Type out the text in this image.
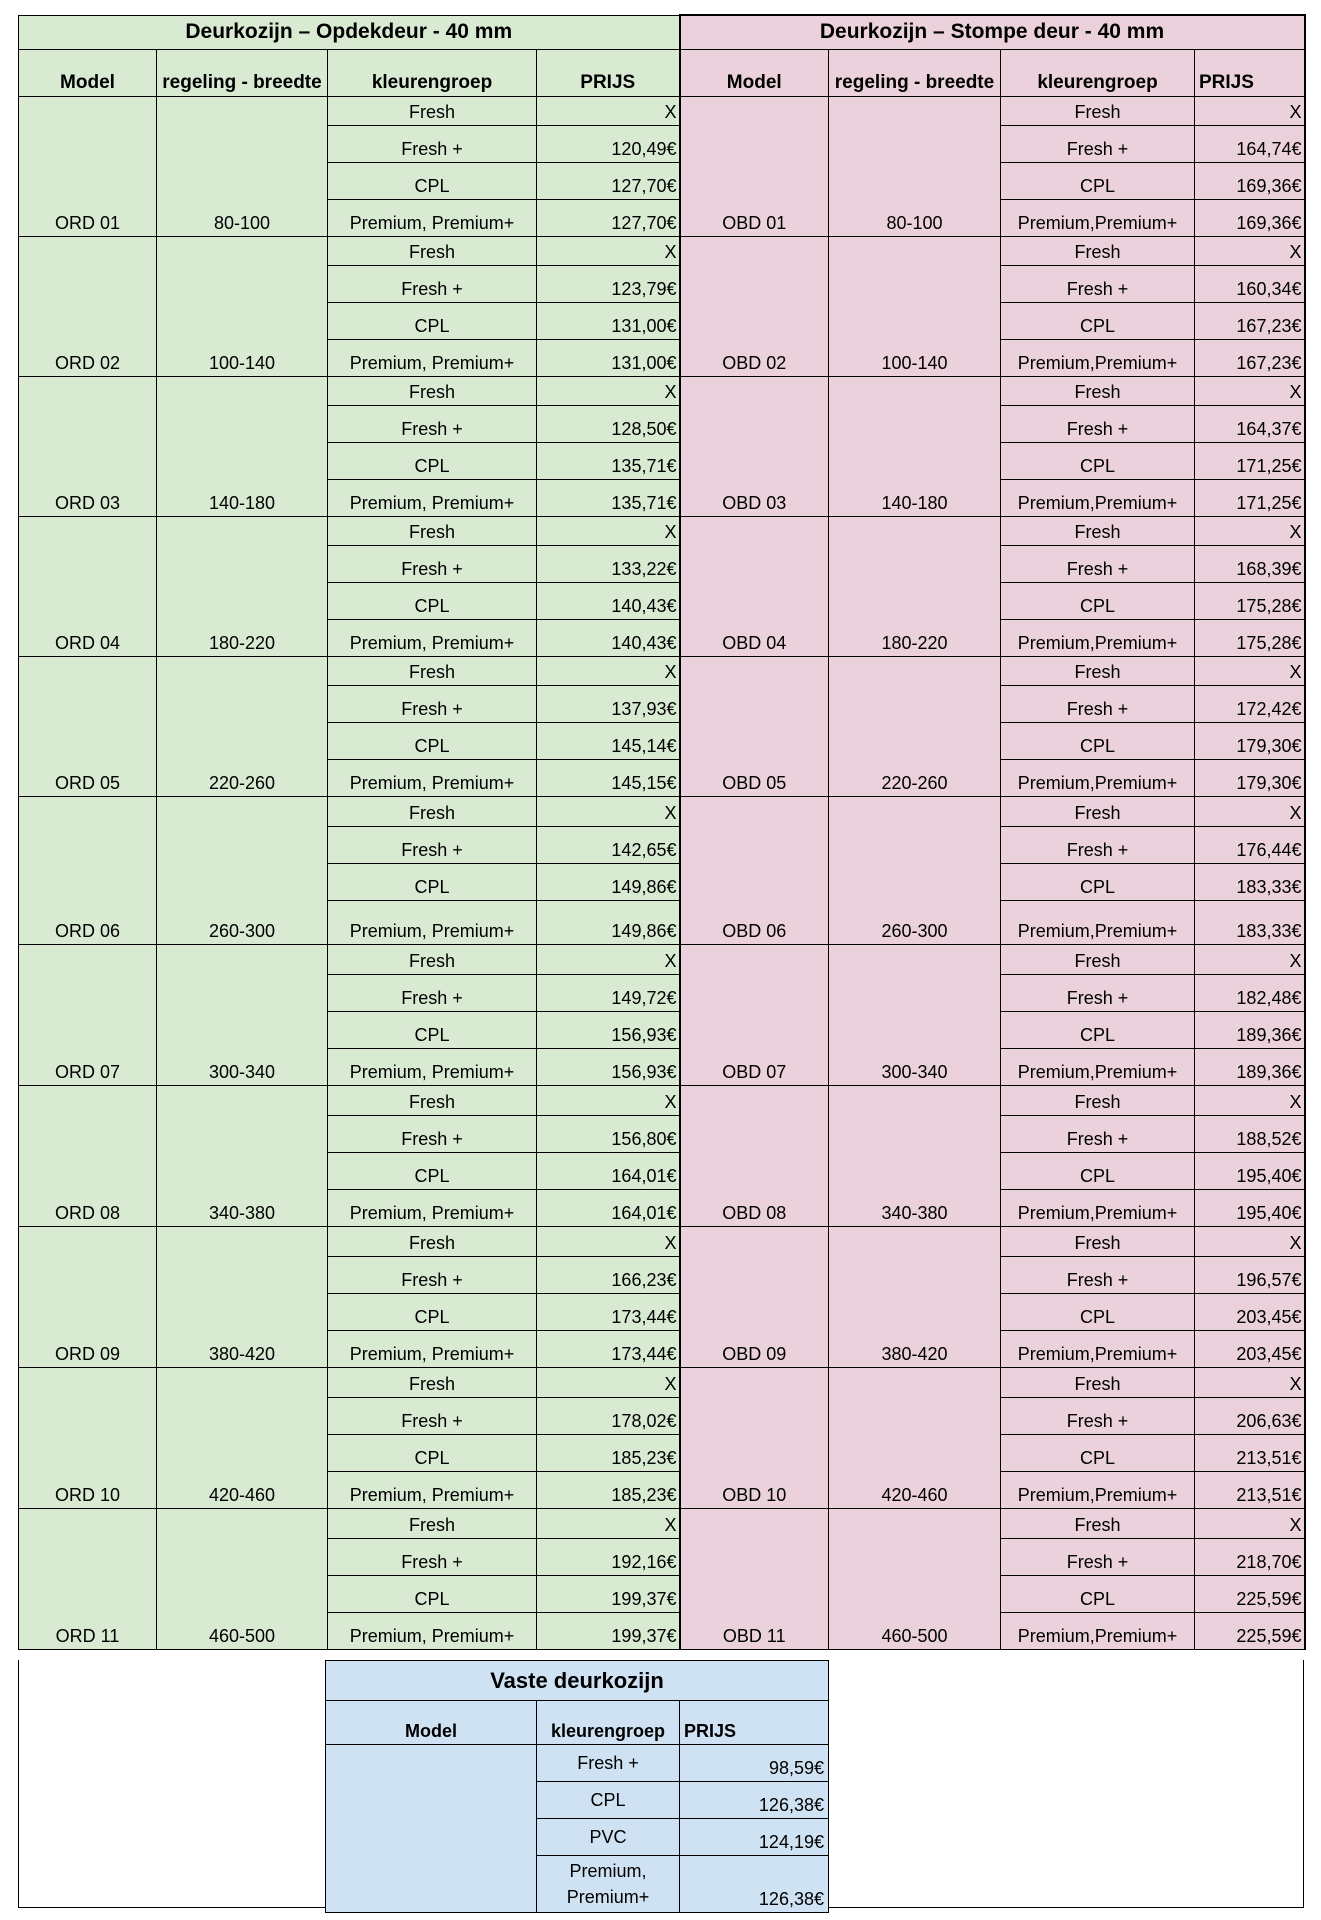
Deurkozijn – Opdekdeur - 40 mm				Deurkozijn – Stompe deur - 40 mm			
Model	regeling - breedte	kleurengroep	PRIJS	Model	regeling - breedte	kleurengroep	PRIJS
ORD 01	80-100	Fresh	X	OBD 01	80-100	Fresh	X
		Fresh +	120,49€			Fresh +	164,74€
		CPL	127,70€			CPL	169,36€
		Premium, Premium+	127,70€			Premium,Premium+	169,36€
ORD 02	100-140	Fresh	X	OBD 02	100-140	Fresh	X
		Fresh +	123,79€			Fresh +	160,34€
		CPL	131,00€			CPL	167,23€
		Premium, Premium+	131,00€			Premium,Premium+	167,23€
ORD 03	140-180	Fresh	X	OBD 03	140-180	Fresh	X
		Fresh +	128,50€			Fresh +	164,37€
		CPL	135,71€			CPL	171,25€
		Premium, Premium+	135,71€			Premium,Premium+	171,25€
ORD 04	180-220	Fresh	X	OBD 04	180-220	Fresh	X
		Fresh +	133,22€			Fresh +	168,39€
		CPL	140,43€			CPL	175,28€
		Premium, Premium+	140,43€			Premium,Premium+	175,28€
ORD 05	220-260	Fresh	X	OBD 05	220-260	Fresh	X
		Fresh +	137,93€			Fresh +	172,42€
		CPL	145,14€			CPL	179,30€
		Premium, Premium+	145,15€			Premium,Premium+	179,30€
ORD 06	260-300	Fresh	X	OBD 06	260-300	Fresh	X
		Fresh +	142,65€			Fresh +	176,44€
		CPL	149,86€			CPL	183,33€
		Premium, Premium+	149,86€			Premium,Premium+	183,33€
ORD 07	300-340	Fresh	X	OBD 07	300-340	Fresh	X
		Fresh +	149,72€			Fresh +	182,48€
		CPL	156,93€			CPL	189,36€
		Premium, Premium+	156,93€			Premium,Premium+	189,36€
ORD 08	340-380	Fresh	X	OBD 08	340-380	Fresh	X
		Fresh +	156,80€			Fresh +	188,52€
		CPL	164,01€			CPL	195,40€
		Premium, Premium+	164,01€			Premium,Premium+	195,40€
ORD 09	380-420	Fresh	X	OBD 09	380-420	Fresh	X
		Fresh +	166,23€			Fresh +	196,57€
		CPL	173,44€			CPL	203,45€
		Premium, Premium+	173,44€			Premium,Premium+	203,45€
ORD 10	420-460	Fresh	X	OBD 10	420-460	Fresh	X
		Fresh +	178,02€			Fresh +	206,63€
		CPL	185,23€			CPL	213,51€
		Premium, Premium+	185,23€			Premium,Premium+	213,51€
ORD 11	460-500	Fresh	X	OBD 11	460-500	Fresh	X
		Fresh +	192,16€			Fresh +	218,70€
		CPL	199,37€			CPL	225,59€
		Premium, Premium+	199,37€			Premium,Premium+	225,59€
Vaste deurkozijn		
Model	kleurengroep	PRIJS
	Fresh +	98,59€
	CPL	126,38€
	PVC	124,19€
	Premium, Premium+	126,38€
